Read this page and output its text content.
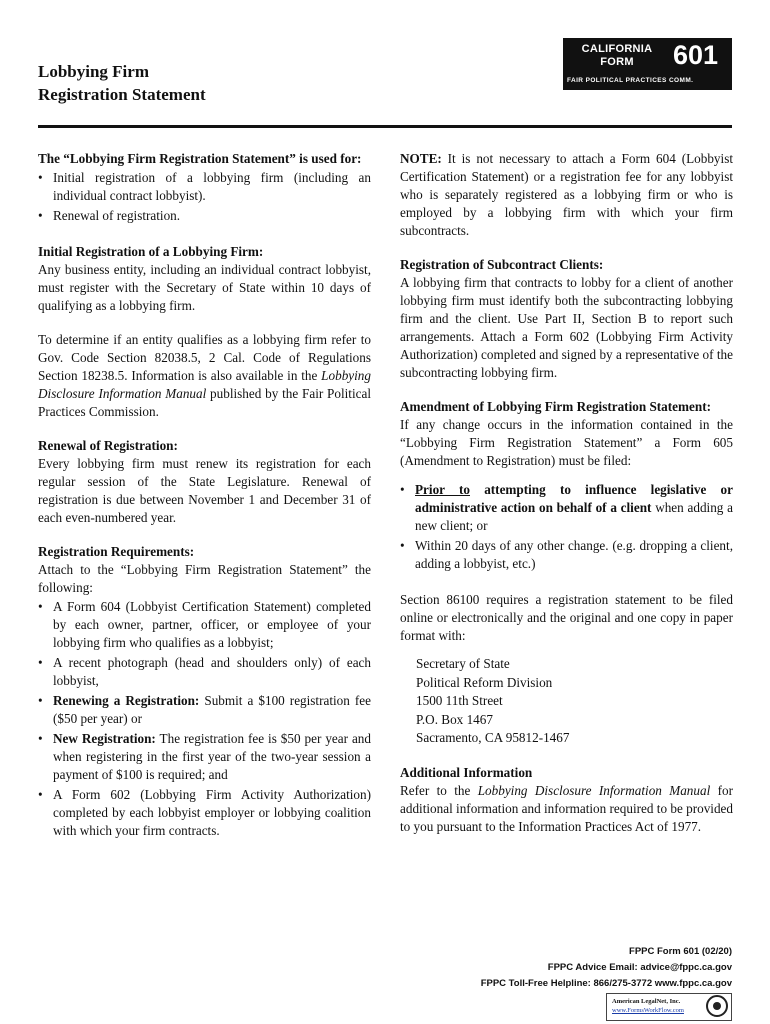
Lobbying Firm
Registration Statement
CALIFORNIA
FORM	601
FAIR POLITICAL PRACTICES COMM.

The “Lobbying Firm Registration Statement” is used for:

• Initial registration of a lobbying firm (including an individual contract lobbyist).
• Renewal of registration.

Initial Registration of a Lobbying Firm:

Any business entity, including an individual contract lobbyist, must register with the Secretary of State within 10 days of qualifying as a lobbying firm.

To determine if an entity qualifies as a lobbying firm refer to Gov. Code Section 82038.5, 2 Cal. Code of Regulations Section 18238.5. Information is also available in the Lobbying Disclosure Information Manual published by the Fair Political Practices Commission.

Renewal of Registration:

Every lobbying firm must renew its registration for each regular session of the State Legislature. Renewal of registration is due between November 1 and December 31 of each even-numbered year.

Registration Requirements:

Attach to the “Lobbying Firm Registration Statement” the following:

• A Form 604 (Lobbyist Certification Statement) completed by each owner, partner, officer, or employee of your lobbying firm who qualifies as a lobbyist;
• A recent photograph (head and shoulders only) of each lobbyist,
• Renewing a Registration: Submit a $100 registration fee ($50 per year) or
• New Registration: The registration fee is $50 per year and when registering in the first year of the two-year session a payment of $100 is required; and
• A Form 602 (Lobbying Firm Activity Authorization) completed by each lobbyist employer or lobbying coalition with which your firm contracts.

NOTE: It is not necessary to attach a Form 604 (Lobbyist Certification Statement) or a registration fee for any lobbyist who is separately registered as a lobbying firm or who is employed by a lobbying firm with which your firm subcontracts.

Registration of Subcontract Clients:

A lobbying firm that contracts to lobby for a client of another lobbying firm must identify both the subcontracting lobbying firm and the client. Use Part II, Section B to report such arrangements. Attach a Form 602 (Lobbying Firm Activity Authorization) completed and signed by a representative of the subcontracting lobbying firm.

Amendment of Lobbying Firm Registration Statement:

If any change occurs in the information contained in the “Lobbying Firm Registration Statement” a Form 605 (Amendment to Registration) must be filed:

• Prior to attempting to influence legislative or administrative action on behalf of a client when adding a new client; or
• Within 20 days of any other change. (e.g. dropping a client, adding a lobbyist, etc.)

Section 86100 requires a registration statement to be filed online or electronically and the original and one copy in paper format with:

Secretary of State
Political Reform Division
1500 11th Street
P.O. Box 1467
Sacramento, CA 95812-1467

Additional Information

Refer to the Lobbying Disclosure Information Manual for additional information and information required to be provided to you pursuant to the Information Practices Act of 1977.

FPPC Form 601 (02/20)
FPPC Advice Email: advice@fppc.ca.gov
FPPC Toll-Free Helpline: 866/275-3772 www.fppc.ca.gov
American LegalNet, Inc.
www.FormsWorkFlow.com
